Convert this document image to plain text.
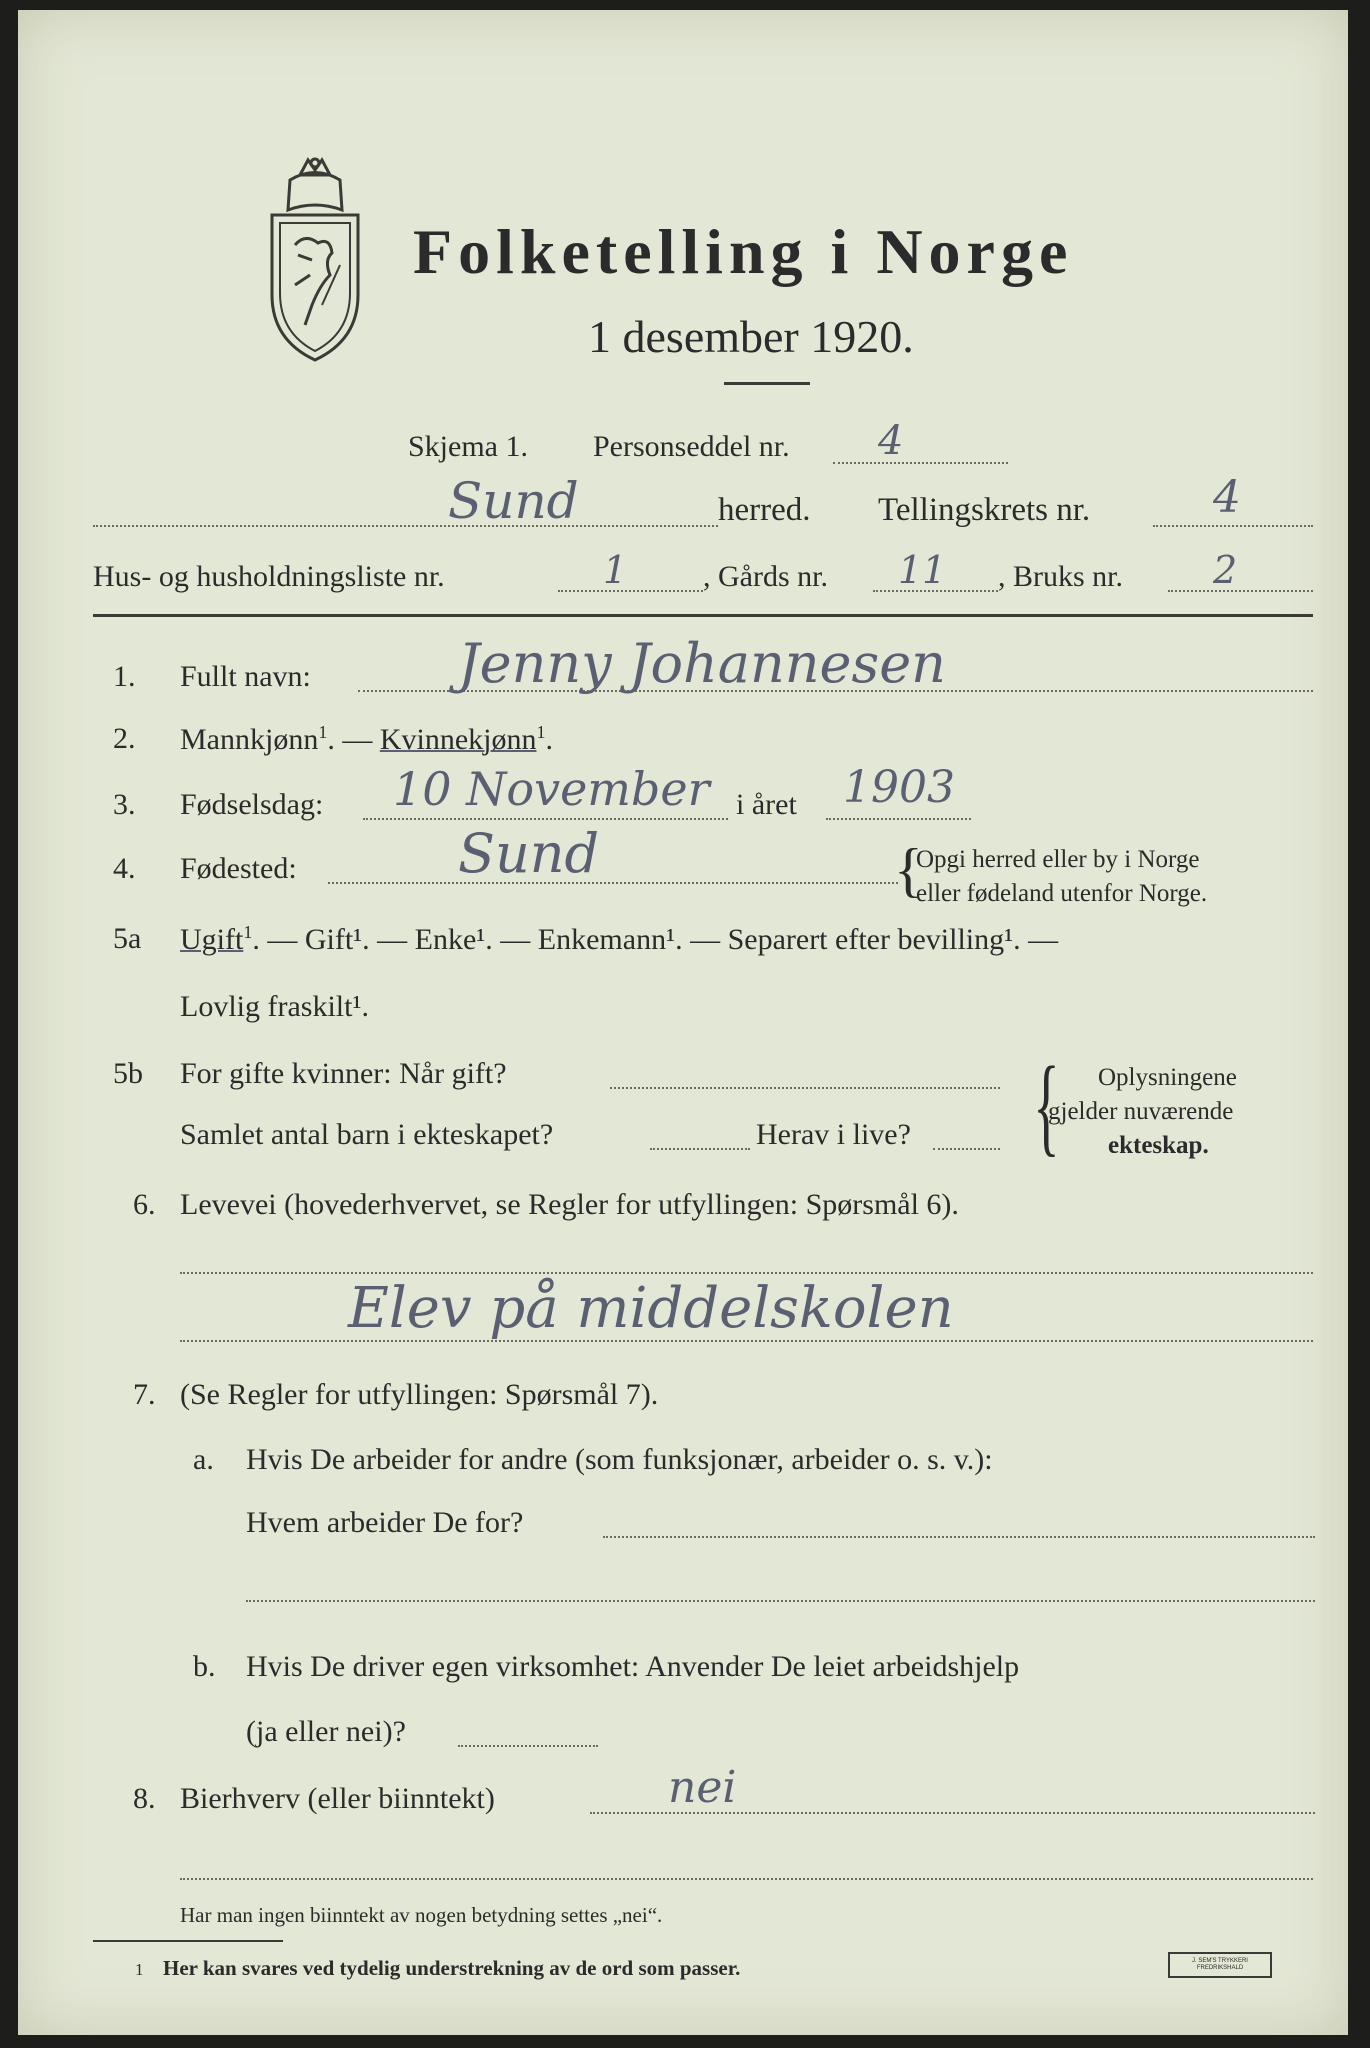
Folketelling i Norge
1 desember 1920.
Skjema 1. Personseddel nr. 4
Sund	herred. Tellingskrets nr.	4
Hus- og husholdningsliste nr.	1	, Gårds nr. 11 , Bruks nr. 2
1. Fullt navn:	Jenny Johannesen
2. Mannkjønn$^1$. — Kvinnekjønn$^1$.
3. Fødselsdag: 10 November i året 1903
4. Fødested:	Sund	{
Opgi herred eller by i Norge
eller fødeland utenfor Norge.
5a Ugift$^1$. — Gift¹. — Enke¹. — Enkemann¹. — Separert efter bevilling¹. —
Lovlig fraskilt¹.
5b For gifte kvinner: Når gift?
Samlet antal barn i ekteskapet?	Herav i live? { Oplysningene
gjelder nuværende
ekteskap.
6. Levevei (hovederhvervet, se Regler for utfyllingen: Spørsmål 6).
Elev på middelskolen
7. (Se Regler for utfyllingen: Spørsmål 7).
a. Hvis De arbeider for andre (som funksjonær, arbeider o. s. v.):
Hvem arbeider De for?
b. Hvis De driver egen virksomhet: Anvender De leiet arbeidshjelp
(ja eller nei)?
8. Bierhverv (eller biinntekt)	nei
Har man ingen biinntekt av nogen betydning settes „nei“.
1 Her kan svares ved tydelig understrekning av de ord som passer.	J. SEM'S TRYKKERI FREDRIKSHALD
